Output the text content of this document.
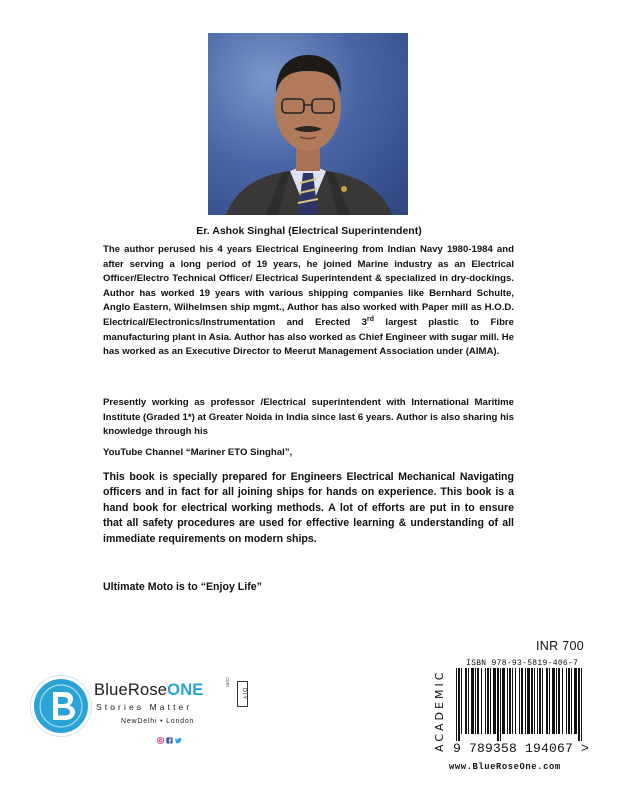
Er. Ashok Singhal (Electrical Superintendent)

The author perused his 4 years Electrical Engineering from Indian Navy 1980-1984 and after serving a long period of 19 years, he joined Marine industry as an Electrical Officer/Electro Technical Officer/ Electrical Superintendent & specialized in dry-dockings. Author has worked 19 years with various shipping companies like Bernhard Schulte, Anglo Eastern, Wilhelmsen ship mgmt., Author has also worked with Paper mill as H.O.D. Electrical/Electronics/Instrumentation and Erected 3rd largest plastic to Fibre manufacturing plant in Asia. Author has also worked as Chief Engineer with sugar mill. He has worked as an Executive Director to Meerut Management Association under (AIMA).

Presently working as professor /Electrical superintendent with International Maritime Institute (Graded 1*) at Greater Noida in India since last 6 years. Author is also sharing his knowledge through his

YouTube Channel “Mariner ETO Singhal”,

This book is specially prepared for Engineers Electrical Mechanical Navigating officers and in fact for all joining ships for hands on experience. This book is a hand book for electrical working methods. A lot of efforts are put in to ensure that all safety procedures are used for effective learning & understanding of all immediate requirements on modern ships.

Ultimate Moto is to “Enjoy Life”

BlueRoseONE	.com
DIY
Stories Matter
NewDelhi • London
INR 700
ACADEMIC
ISBN 978-93-5819-406-7
9 789358 194067 >
www.BlueRoseOne.com
